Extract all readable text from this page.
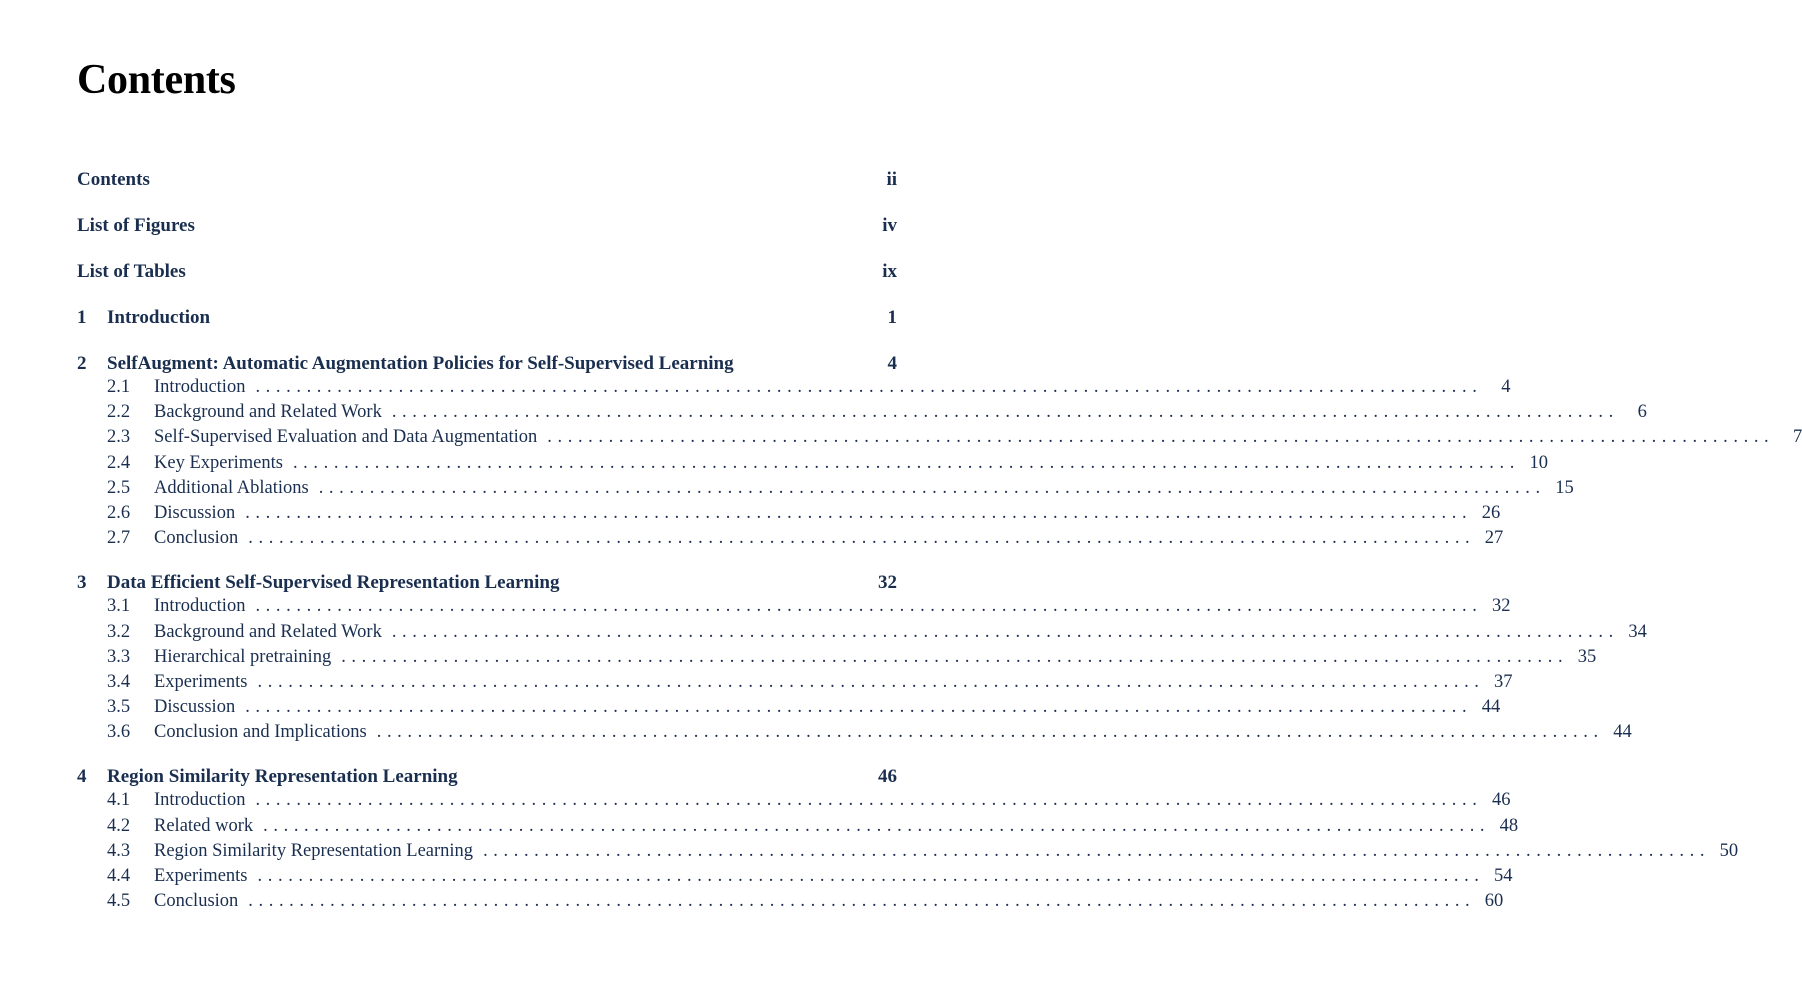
Contents
Contents	ii
List of Figures	iv
List of Tables	ix
1 Introduction	1
2 SelfAugment: Automatic Augmentation Policies for Self-Supervised Learning	4
2.1	Introduction ........................................................................................................................	4
2.2	Background and Related Work ........................................................................................................................	6
2.3	Self-Supervised Evaluation and Data Augmentation ........................................................................................................................	7
2.4	Key Experiments ........................................................................................................................ 10
2.5	Additional Ablations ........................................................................................................................ 15
2.6	Discussion ........................................................................................................................ 26
2.7	Conclusion ........................................................................................................................ 27
3 Data Efficient Self-Supervised Representation Learning	32
3.1	Introduction ........................................................................................................................ 32
3.2	Background and Related Work ........................................................................................................................ 34
3.3	Hierarchical pretraining ........................................................................................................................ 35
3.4	Experiments ........................................................................................................................ 37
3.5	Discussion ........................................................................................................................ 44
3.6	Conclusion and Implications ........................................................................................................................ 44
4 Region Similarity Representation Learning	46
4.1	Introduction ........................................................................................................................ 46
4.2	Related work ........................................................................................................................ 48
4.3	Region Similarity Representation Learning ........................................................................................................................ 50
4.4	Experiments ........................................................................................................................ 54
4.5	Conclusion ........................................................................................................................ 60
